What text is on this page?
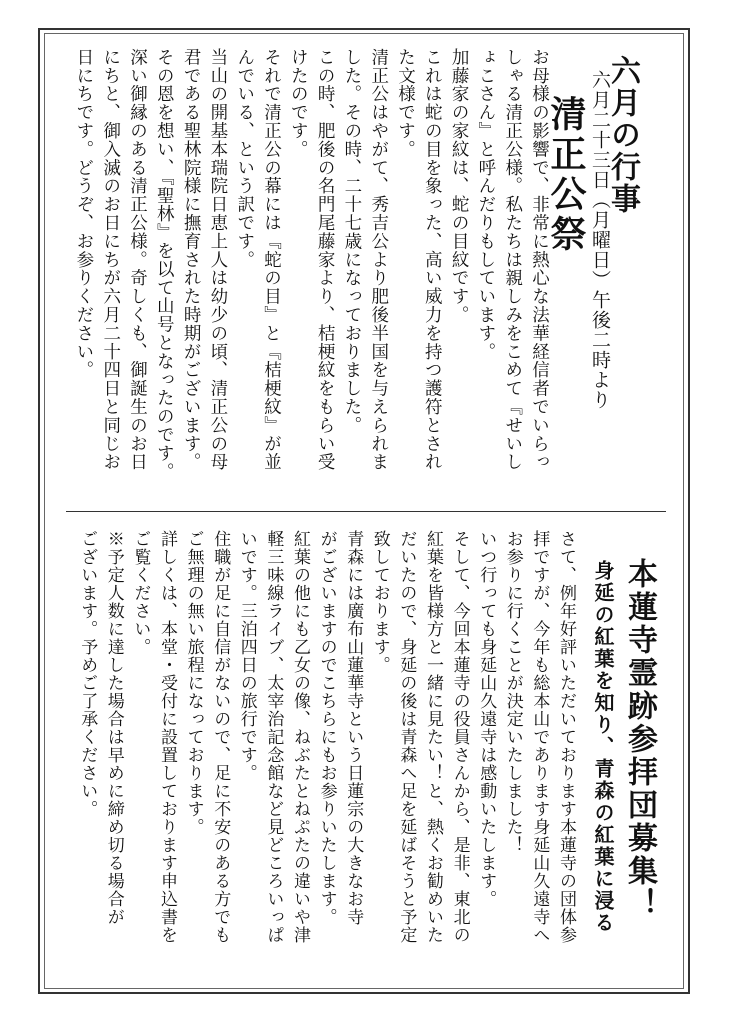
六月の行事
六月二十三日（月曜日）午後二時より
清正公祭
お母様の影響で、非常に熱心な法華経信者でいらっ
しゃる清正公様。私たちは親しみをこめて『せいし
ょこさん』と呼んだりもしています。
加藤家の家紋は、蛇の目紋です。
これは蛇の目を象った、高い威力を持つ護符とされ
た文様です。
清正公はやがて、秀吉公より肥後半国を与えられま
した。その時、二十七歳になっておりました。
この時、肥後の名門尾藤家より、桔梗紋をもらい受
けたのです。
それで清正公の幕には『蛇の目』と『桔梗紋』が並
んでいる、という訳です。
当山の開基本瑞院日恵上人は幼少の頃、清正公の母
君である聖林院様に撫育された時期がございます。
その恩を想い、『聖林』を以て山号となったのです。
深い御縁のある清正公様。奇しくも、御誕生のお日
にちと、御入滅のお日にちが六月二十四日と同じお
日にちです。どうぞ、お参りください。
本蓮寺霊跡参拝団募集！
身延の紅葉を知り、青森の紅葉に浸る
さて、例年好評いただいております本蓮寺の団体参
拝ですが、今年も総本山であります身延山久遠寺へ
お参りに行くことが決定いたしました！
いつ行っても身延山久遠寺は感動いたします。
そして、今回本蓮寺の役員さんから、是非、東北の
紅葉を皆様方と一緒に見たい！と、熱くお勧めいた
だいたので、身延の後は青森へ足を延ばそうと予定
致しております。
青森には廣布山蓮華寺という日蓮宗の大きなお寺
がございますのでこちらにもお参りいたします。
紅葉の他にも乙女の像、ねぶたとねぷたの違いや津
軽三味線ライブ、太宰治記念館など見どころいっぱ
いです。三泊四日の旅行です。
住職が足に自信がないので、足に不安のある方でも
ご無理の無い旅程になっております。
詳しくは、本堂・受付に設置しております申込書を
ご覧ください。
※予定人数に達した場合は早めに締め切る場合が
ございます。予めご了承ください。
